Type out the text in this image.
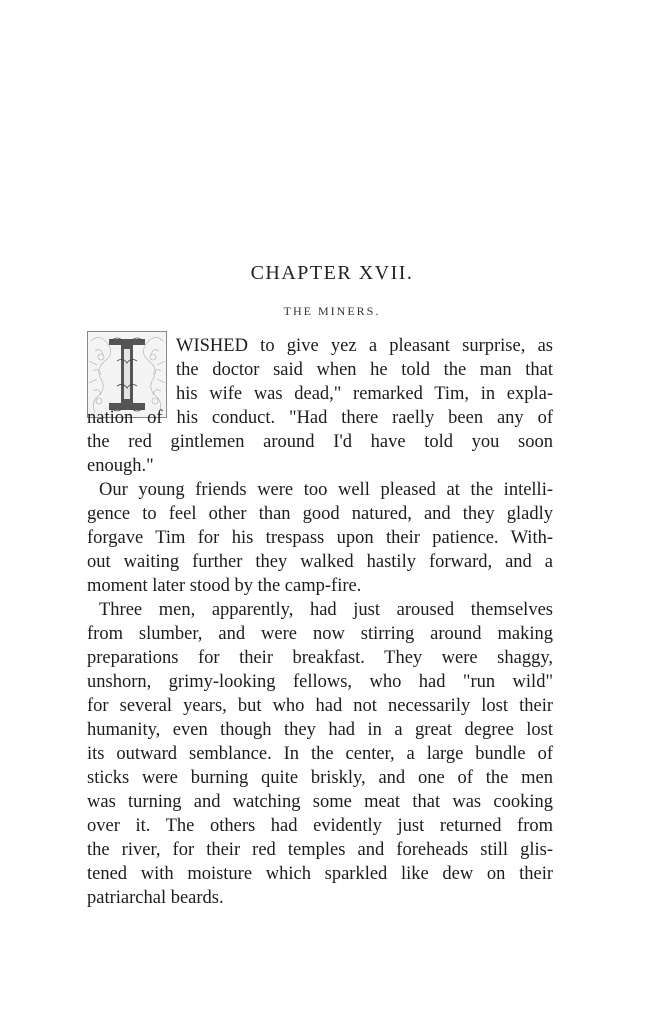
CHAPTER XVII.
THE MINERS.
WISHED to give yez a pleasant surprise, as
the doctor said when he told the man that
his wife was dead," remarked Tim, in expla-
nation of his conduct. "Had there raelly been any of
the red gintlemen around I'd have told you soon
enough."
Our young friends were too well pleased at the intelli-
gence to feel other than good natured, and they gladly
forgave Tim for his trespass upon their patience. With-
out waiting further they walked hastily forward, and a
moment later stood by the camp-fire.
Three men, apparently, had just aroused themselves
from slumber, and were now stirring around making
preparations for their breakfast. They were shaggy,
unshorn, grimy-looking fellows, who had "run wild"
for several years, but who had not necessarily lost their
humanity, even though they had in a great degree lost
its outward semblance. In the center, a large bundle of
sticks were burning quite briskly, and one of the men
was turning and watching some meat that was cooking
over it. The others had evidently just returned from
the river, for their red temples and foreheads still glis-
tened with moisture which sparkled like dew on their
patriarchal beards.
